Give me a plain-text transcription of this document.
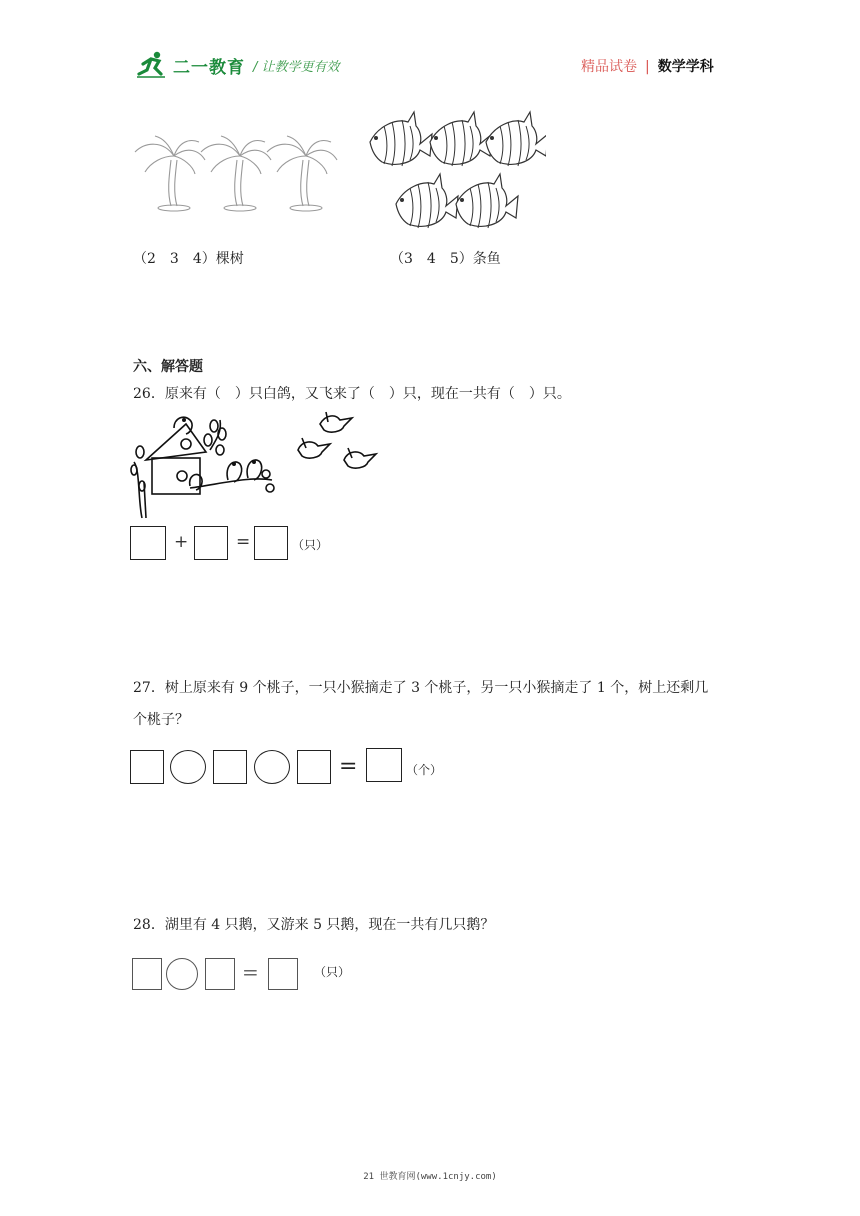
二一教育 / 让教学更有效	精品试卷 | 数学学科
（2　3　4）棵树	（3　4　5）条鱼
六、解答题
26．原来有（　）只白鸽，又飞来了（　）只，现在一共有（　）只。
+	=	（只）
27．树上原来有 9 个桃子，一只小猴摘走了 3 个桃子，另一只小猴摘走了 1 个，树上还剩几
个桃子？
=	（个）
28．湖里有 4 只鹅，又游来 5 只鹅，现在一共有几只鹅？
=	（只）
21 世教育网(www.1cnjy.com)
